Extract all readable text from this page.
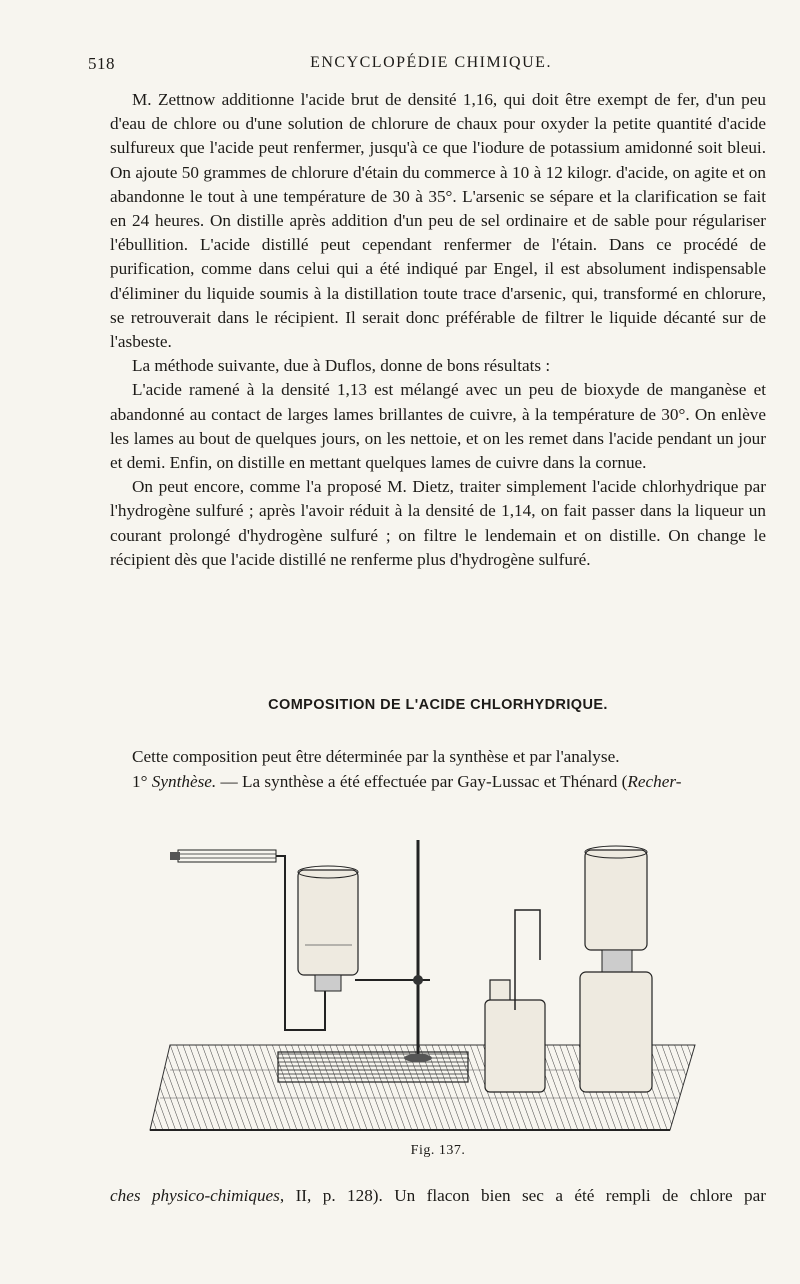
518	ENCYCLOPÉDIE CHIMIQUE.

M. Zettnow additionne l'acide brut de densité 1,16, qui doit être exempt de fer, d'un peu d'eau de chlore ou d'une solution de chlorure de chaux pour oxyder la petite quantité d'acide sulfureux que l'acide peut renfermer, jusqu'à ce que l'iodure de potassium amidonné soit bleui. On ajoute 50 grammes de chlorure d'étain du commerce à 10 à 12 kilogr. d'acide, on agite et on abandonne le tout à une température de 30 à 35°. L'arsenic se sépare et la clarification se fait en 24 heures. On distille après addition d'un peu de sel ordinaire et de sable pour régulariser l'ébullition. L'acide distillé peut cependant renfermer de l'étain. Dans ce procédé de purification, comme dans celui qui a été indiqué par Engel, il est absolument indispensable d'éliminer du liquide soumis à la distillation toute trace d'arsenic, qui, transformé en chlorure, se retrouverait dans le récipient. Il serait donc préférable de filtrer le liquide décanté sur de l'asbeste.

La méthode suivante, due à Duflos, donne de bons résultats :

L'acide ramené à la densité 1,13 est mélangé avec un peu de bioxyde de manganèse et abandonné au contact de larges lames brillantes de cuivre, à la température de 30°. On enlève les lames au bout de quelques jours, on les nettoie, et on les remet dans l'acide pendant un jour et demi. Enfin, on distille en mettant quelques lames de cuivre dans la cornue.

On peut encore, comme l'a proposé M. Dietz, traiter simplement l'acide chlorhydrique par l'hydrogène sulfuré ; après l'avoir réduit à la densité de 1,14, on fait passer dans la liqueur un courant prolongé d'hydrogène sulfuré ; on filtre le lendemain et on distille. On change le récipient dès que l'acide distillé ne renferme plus d'hydrogène sulfuré.

COMPOSITION DE L'ACIDE CHLORHYDRIQUE.

Cette composition peut être déterminée par la synthèse et par l'analyse.

1° Synthèse. — La synthèse a été effectuée par Gay-Lussac et Thénard (Recher-

Fig. 137.
ches physico-chimiques, II, p. 128). Un flacon bien sec a été rempli de chlore par
